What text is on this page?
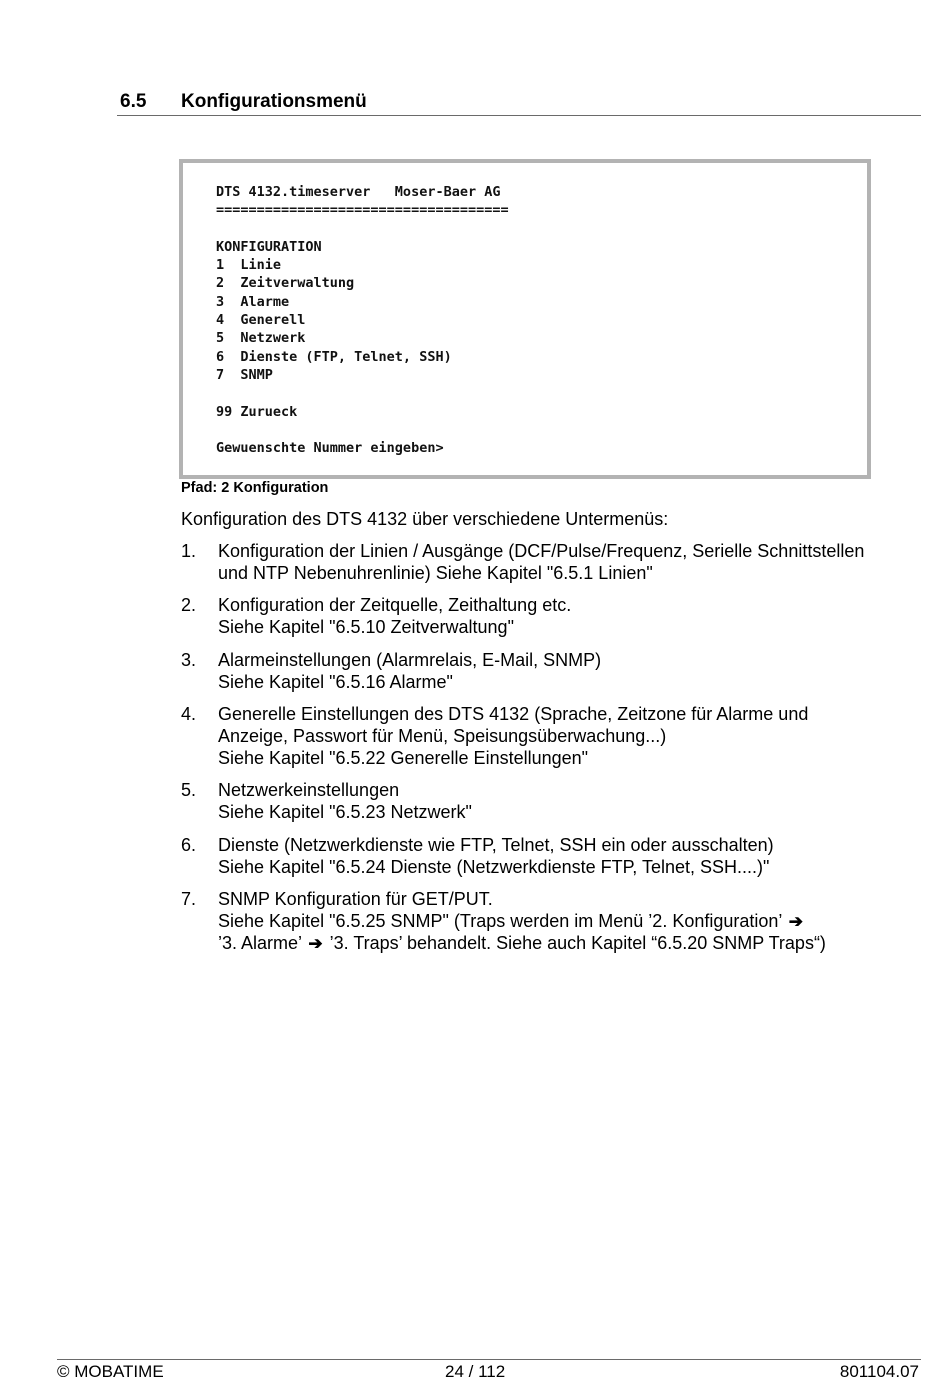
6.5 Konfigurationsmenü
DTS 4132.timeserver   Moser-Baer AG
====================================
KONFIGURATION
1  Linie
2  Zeitverwaltung
3  Alarme
4  Generell
5  Netzwerk
6  Dienste (FTP, Telnet, SSH)
7  SNMP
99 Zurueck
Gewuenschte Nummer eingeben>
Pfad: 2 Konfiguration
Konfiguration des DTS 4132 über verschiedene Untermenüs:
1. Konfiguration der Linien / Ausgänge (DCF/Pulse/Frequenz, Serielle Schnittstellen
und NTP Nebenuhrenlinie) Siehe Kapitel "6.5.1 Linien"
2. Konfiguration der Zeitquelle, Zeithaltung etc.
Siehe Kapitel "6.5.10 Zeitverwaltung"
3. Alarmeinstellungen (Alarmrelais, E-Mail, SNMP)
Siehe Kapitel "6.5.16 Alarme"
4. Generelle Einstellungen des DTS 4132 (Sprache, Zeitzone für Alarme und
Anzeige, Passwort für Menü, Speisungsüberwachung...)
Siehe Kapitel "6.5.22 Generelle Einstellungen"
5. Netzwerkeinstellungen
Siehe Kapitel "6.5.23 Netzwerk"
6. Dienste (Netzwerkdienste wie FTP, Telnet, SSH ein oder ausschalten)
Siehe Kapitel "6.5.24 Dienste (Netzwerkdienste FTP, Telnet, SSH....)"
7. SNMP Konfiguration für GET/PUT.
Siehe Kapitel "6.5.25 SNMP" (Traps werden im Menü ’2. Konfiguration’ ➔
’3. Alarme’ ➔ ’3. Traps’ behandelt. Siehe auch Kapitel “6.5.20 SNMP Traps“)
© MOBATIME	24 / 112	801104.07
